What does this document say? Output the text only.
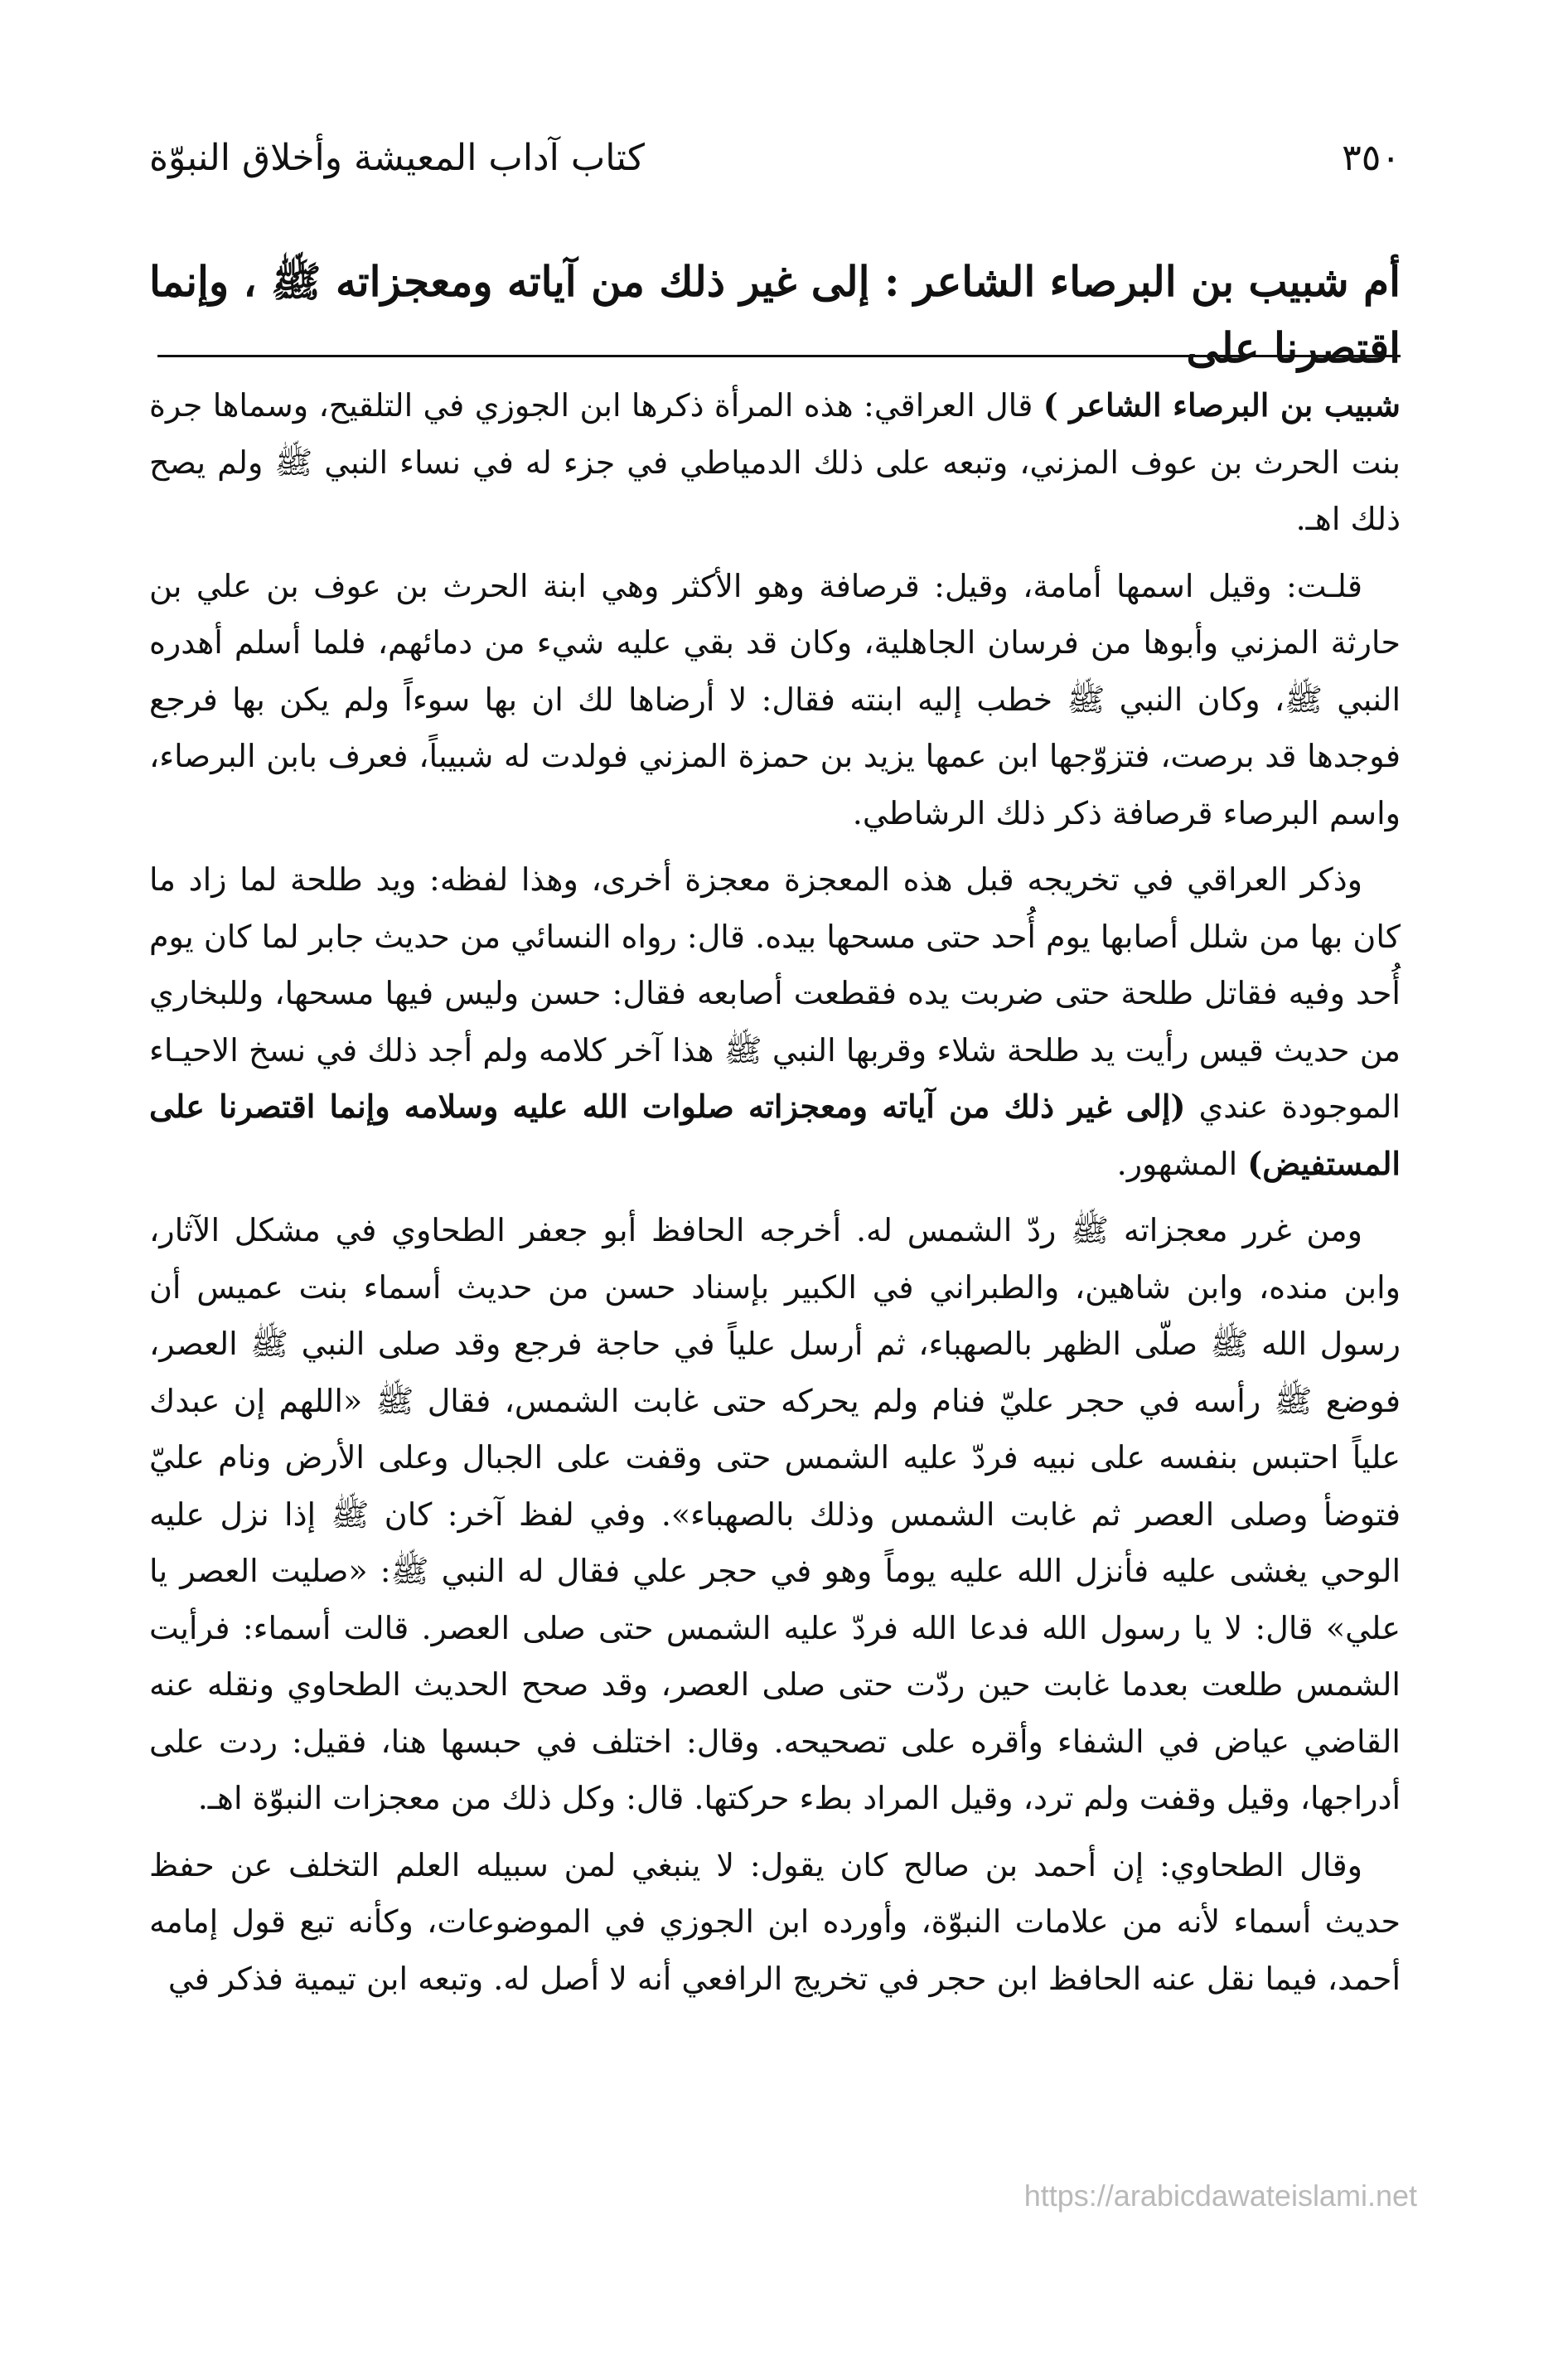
٣٥٠
كتاب آداب المعيشة وأخلاق النبوّة
أم شبيب بن البرصاء الشاعر : إلى غير ذلك من آياته ومعجزاته ﷺ ، وإنما اقتصرنا على

شبيب بن البرصاء الشاعر ) قال العراقي: هذه المرأة ذكرها ابن الجوزي في التلقيح، وسماها جرة بنت الحرث بن عوف المزني، وتبعه على ذلك الدمياطي في جزء له في نساء النبي ﷺ ولم يصح ذلك اهـ.

قلـت: وقيل اسمها أمامة، وقيل: قرصافة وهو الأكثر وهي ابنة الحرث بن عوف بن علي بن حارثة المزني وأبوها من فرسان الجاهلية، وكان قد بقي عليه شيء من دمائهم، فلما أسلم أهدره النبي ﷺ، وكان النبي ﷺ خطب إليه ابنته فقال: لا أرضاها لك ان بها سوءاً ولم يكن بها فرجع فوجدها قد برصت، فتزوّجها ابن عمها يزيد بن حمزة المزني فولدت له شبيباً، فعرف بابن البرصاء، واسم البرصاء قرصافة ذكر ذلك الرشاطي.

وذكر العراقي في تخريجه قبل هذه المعجزة معجزة أخرى، وهذا لفظه: ويد طلحة لما زاد ما كان بها من شلل أصابها يوم أُحد حتى مسحها بيده. قال: رواه النسائي من حديث جابر لما كان يوم أُحد وفيه فقاتل طلحة حتى ضربت يده فقطعت أصابعه فقال: حسن وليس فيها مسحها، وللبخاري من حديث قيس رأيت يد طلحة شلاء وقربها النبي ﷺ هذا آخر كلامه ولم أجد ذلك في نسخ الاحيـاء الموجودة عندي (إلى غير ذلك من آياته ومعجزاته صلوات الله عليه وسلامه وإنما اقتصرنا على المستفيض) المشهور.

ومن غرر معجزاته ﷺ ردّ الشمس له. أخرجه الحافظ أبو جعفر الطحاوي في مشكل الآثار، وابن منده، وابن شاهين، والطبراني في الكبير بإسناد حسن من حديث أسماء بنت عميس أن رسول الله ﷺ صلّى الظهر بالصهباء، ثم أرسل علياً في حاجة فرجع وقد صلى النبي ﷺ العصر، فوضع ﷺ رأسه في حجر عليّ فنام ولم يحركه حتى غابت الشمس، فقال ﷺ «اللهم إن عبدك علياً احتبس بنفسه على نبيه فردّ عليه الشمس حتى وقفت على الجبال وعلى الأرض ونام عليّ فتوضأ وصلى العصر ثم غابت الشمس وذلك بالصهباء». وفي لفظ آخر: كان ﷺ إذا نزل عليه الوحي يغشى عليه فأنزل الله عليه يوماً وهو في حجر علي فقال له النبي ﷺ: «صليت العصر يا علي» قال: لا يا رسول الله فدعا الله فردّ عليه الشمس حتى صلى العصر. قالت أسماء: فرأيت الشمس طلعت بعدما غابت حين ردّت حتى صلى العصر، وقد صحح الحديث الطحاوي ونقله عنه القاضي عياض في الشفاء وأقره على تصحيحه. وقال: اختلف في حبسها هنا، فقيل: ردت على أدراجها، وقيل وقفت ولم ترد، وقيل المراد بطء حركتها. قال: وكل ذلك من معجزات النبوّة اهـ.

وقال الطحاوي: إن أحمد بن صالح كان يقول: لا ينبغي لمن سبيله العلم التخلف عن حفظ حديث أسماء لأنه من علامات النبوّة، وأورده ابن الجوزي في الموضوعات، وكأنه تبع قول إمامه أحمد، فيما نقل عنه الحافظ ابن حجر في تخريج الرافعي أنه لا أصل له. وتبعه ابن تيمية فذكر في

https://arabicdawateislami.net
